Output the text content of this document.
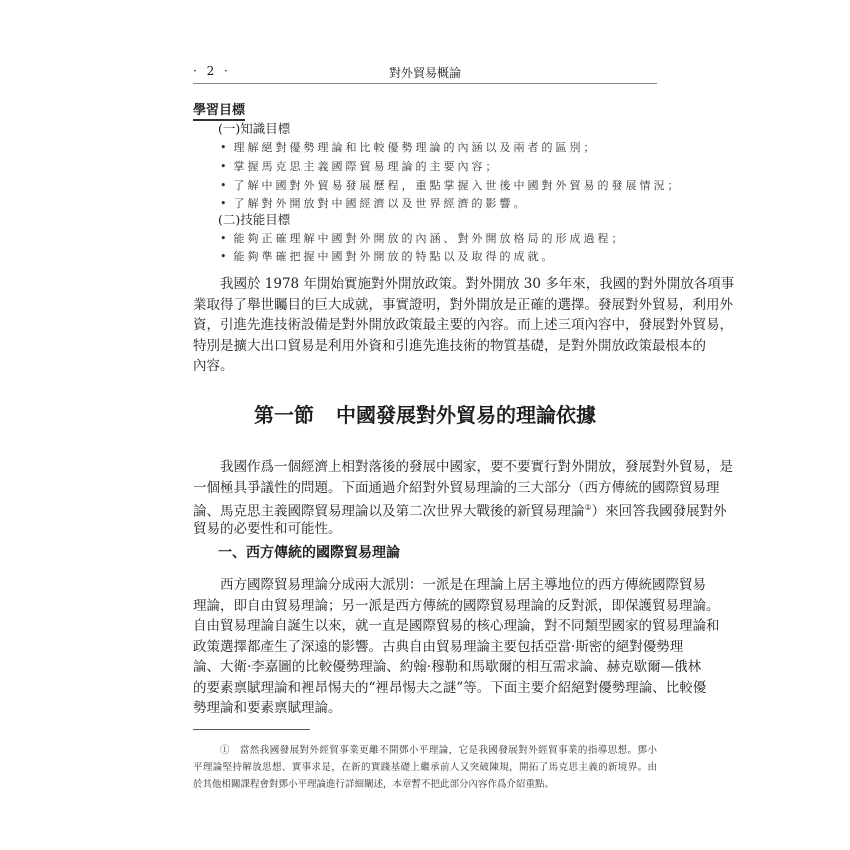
· 2 ·	對外貿易概論
學習目標
(一)知識目標
• 理解絕對優勢理論和比較優勢理論的內涵以及兩者的區別；
• 掌握馬克思主義國際貿易理論的主要內容；
• 了解中國對外貿易發展歷程，重點掌握入世後中國對外貿易的發展情況；
• 了解對外開放對中國經濟以及世界經濟的影響。
(二)技能目標
• 能夠正確理解中國對外開放的內涵、對外開放格局的形成過程；
• 能夠準確把握中國對外開放的特點以及取得的成就。
我國於 1978 年開始實施對外開放政策。對外開放 30 多年來，我國的對外開放各項事
業取得了舉世矚目的巨大成就，事實證明，對外開放是正確的選擇。發展對外貿易，利用外
資，引進先進技術設備是對外開放政策最主要的內容。而上述三項內容中，發展對外貿易，
特別是擴大出口貿易是利用外資和引進先進技術的物質基礎，是對外開放政策最根本的
內容。
第一節 中國發展對外貿易的理論依據
我國作爲一個經濟上相對落後的發展中國家，要不要實行對外開放，發展對外貿易，是
一個極具爭議性的問題。下面通過介紹對外貿易理論的三大部分（西方傳統的國際貿易理
論、馬克思主義國際貿易理論以及第二次世界大戰後的新貿易理論①）來回答我國發展對外
貿易的必要性和可能性。
一、西方傳統的國際貿易理論
西方國際貿易理論分成兩大派別：一派是在理論上居主導地位的西方傳統國際貿易
理論，即自由貿易理論；另一派是西方傳統的國際貿易理論的反對派，即保護貿易理論。
自由貿易理論自誕生以來，就一直是國際貿易的核心理論，對不同類型國家的貿易理論和
政策選擇都產生了深遠的影響。古典自由貿易理論主要包括亞當·斯密的絕對優勢理
論、大衛·李嘉圖的比較優勢理論、約翰·穆勒和馬歇爾的相互需求論、赫克歇爾—俄林
的要素禀賦理論和裡昂惕夫的“裡昂惕夫之謎”等。下面主要介紹絕對優勢理論、比較優
勢理論和要素禀賦理論。
①　當然我國發展對外經貿事業更離不開鄧小平理論，它是我國發展對外經貿事業的指導思想。鄧小
平理論堅持解放思想、實事求是，在新的實踐基礎上繼承前人又突破陳規，開拓了馬克思主義的新境界。由
於其他相關課程會對鄧小平理論進行詳細闡述，本章暫不把此部分內容作爲介紹重點。
